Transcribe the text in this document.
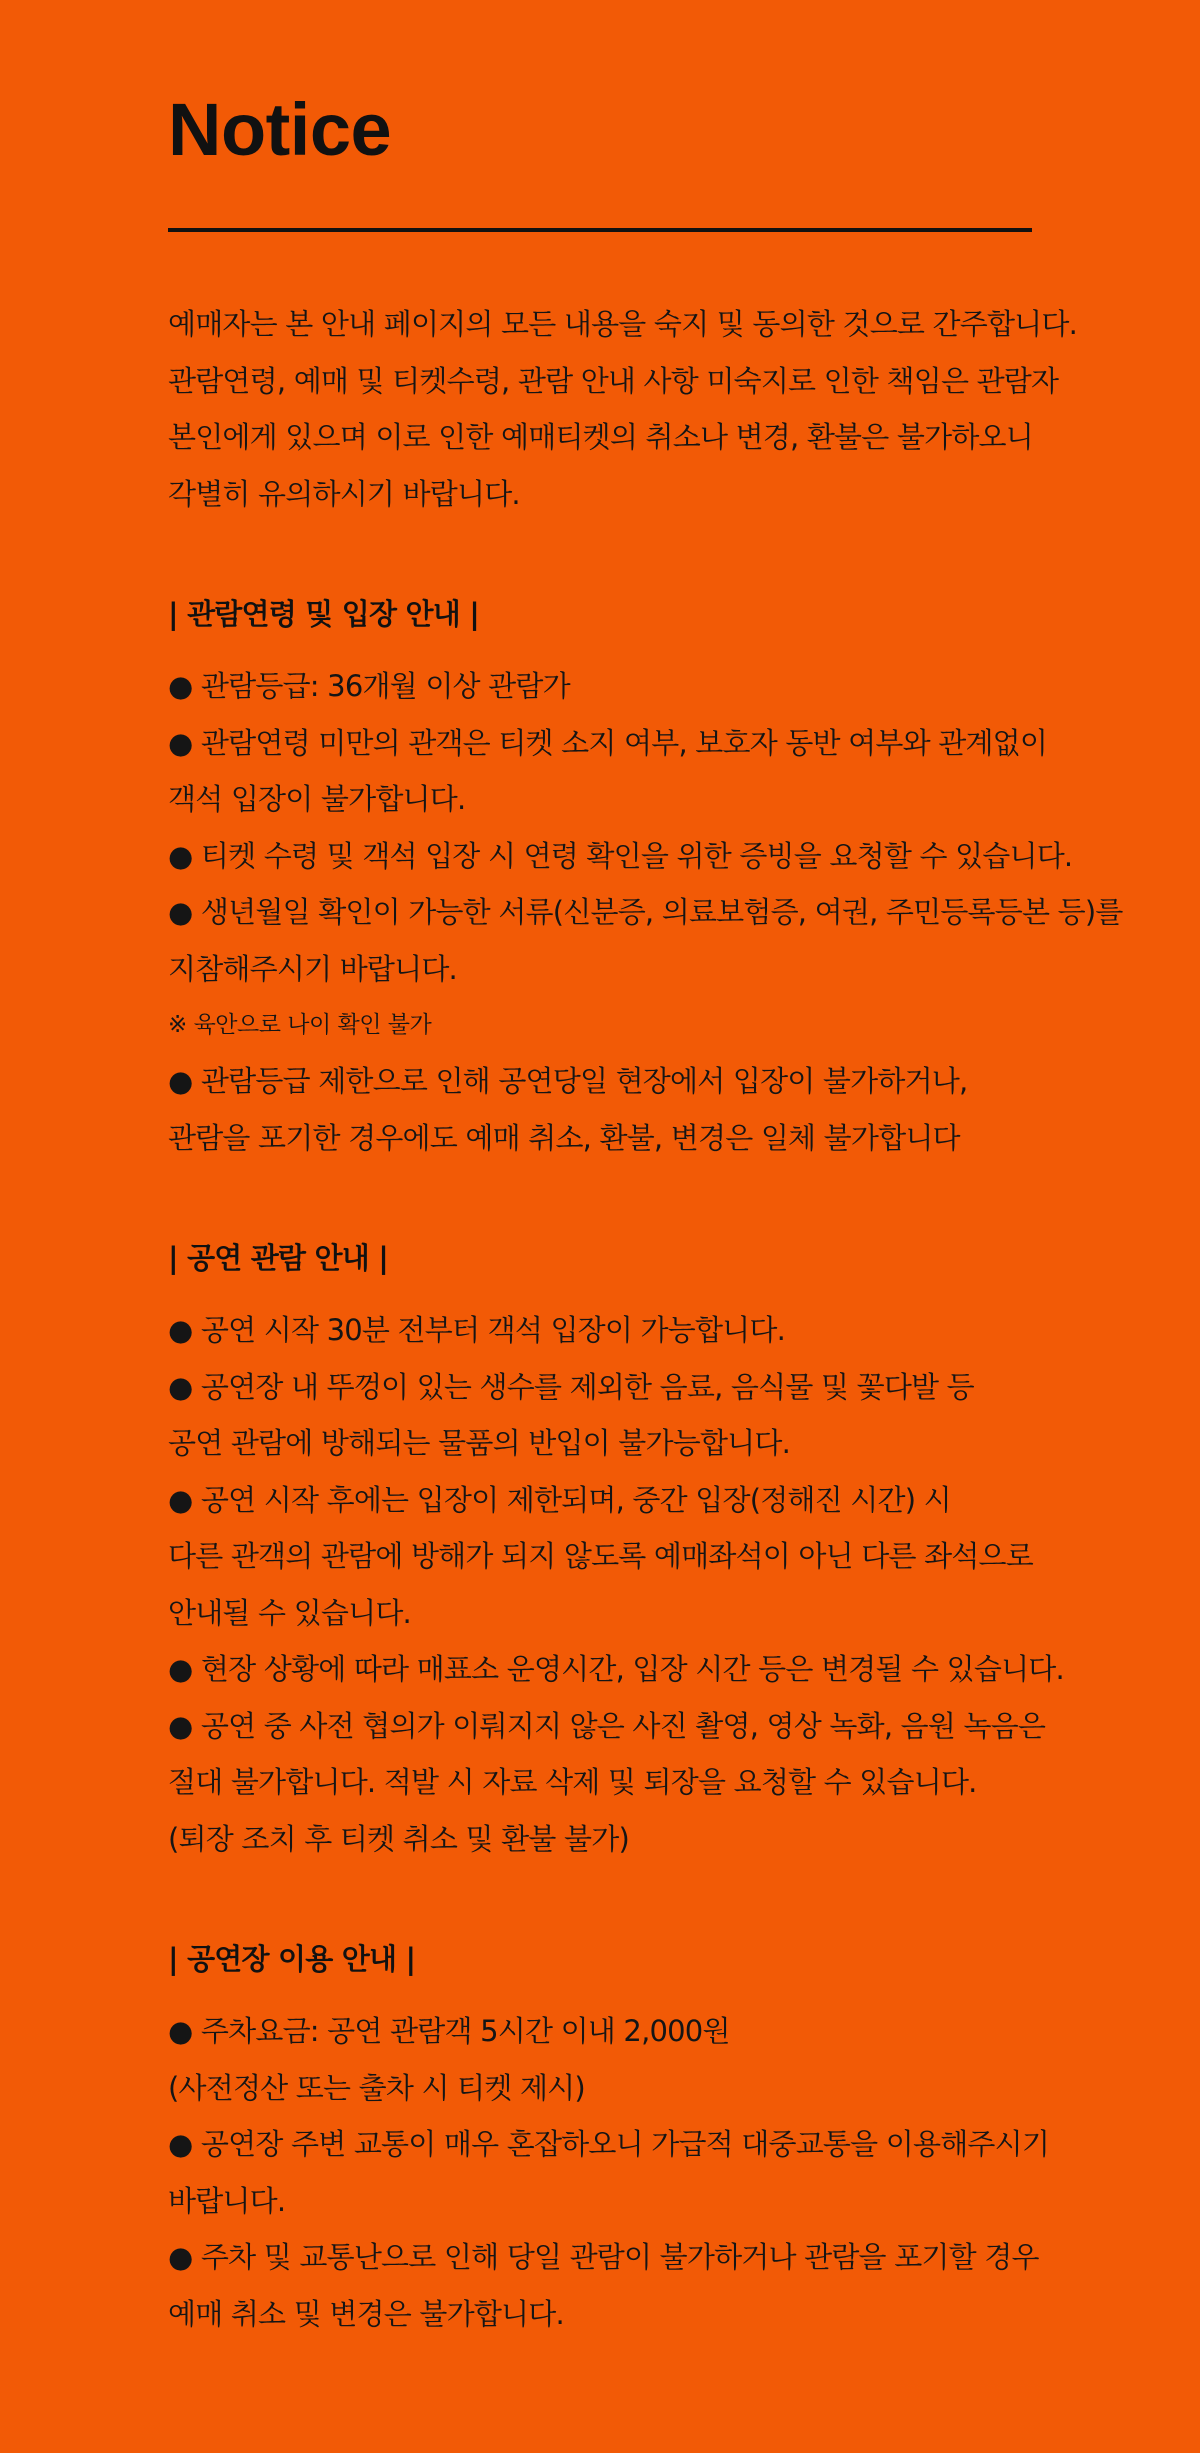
Notice
예매자는 본 안내 페이지의 모든 내용을 숙지 및 동의한 것으로 간주합니다.
관람연령, 예매 및 티켓수령, 관람 안내 사항 미숙지로 인한 책임은 관람자
본인에게 있으며 이로 인한 예매티켓의 취소나 변경, 환불은 불가하오니
각별히 유의하시기 바랍니다.
| 관람연령 및 입장 안내 |
● 관람등급: 36개월 이상 관람가
● 관람연령 미만의 관객은 티켓 소지 여부, 보호자 동반 여부와 관계없이
객석 입장이 불가합니다.
● 티켓 수령 및 객석 입장 시 연령 확인을 위한 증빙을 요청할 수 있습니다.
● 생년월일 확인이 가능한 서류(신분증, 의료보험증, 여권, 주민등록등본 등)를
지참해주시기 바랍니다.
※ 육안으로 나이 확인 불가
● 관람등급 제한으로 인해 공연당일 현장에서 입장이 불가하거나,
관람을 포기한 경우에도 예매 취소, 환불, 변경은 일체 불가합니다
| 공연 관람 안내 |
● 공연 시작 30분 전부터 객석 입장이 가능합니다.
● 공연장 내 뚜껑이 있는 생수를 제외한 음료, 음식물 및 꽃다발 등
공연 관람에 방해되는 물품의 반입이 불가능합니다.
● 공연 시작 후에는 입장이 제한되며, 중간 입장(정해진 시간) 시
다른 관객의 관람에 방해가 되지 않도록 예매좌석이 아닌 다른 좌석으로
안내될 수 있습니다.
● 현장 상황에 따라 매표소 운영시간, 입장 시간 등은 변경될 수 있습니다.
● 공연 중 사전 협의가 이뤄지지 않은 사진 촬영, 영상 녹화, 음원 녹음은
절대 불가합니다. 적발 시 자료 삭제 및 퇴장을 요청할 수 있습니다.
(퇴장 조치 후 티켓 취소 및 환불 불가)
| 공연장 이용 안내 |
● 주차요금: 공연 관람객 5시간 이내 2,000원
(사전정산 또는 출차 시 티켓 제시)
● 공연장 주변 교통이 매우 혼잡하오니 가급적 대중교통을 이용해주시기
바랍니다.
● 주차 및 교통난으로 인해 당일 관람이 불가하거나 관람을 포기할 경우
예매 취소 및 변경은 불가합니다.
